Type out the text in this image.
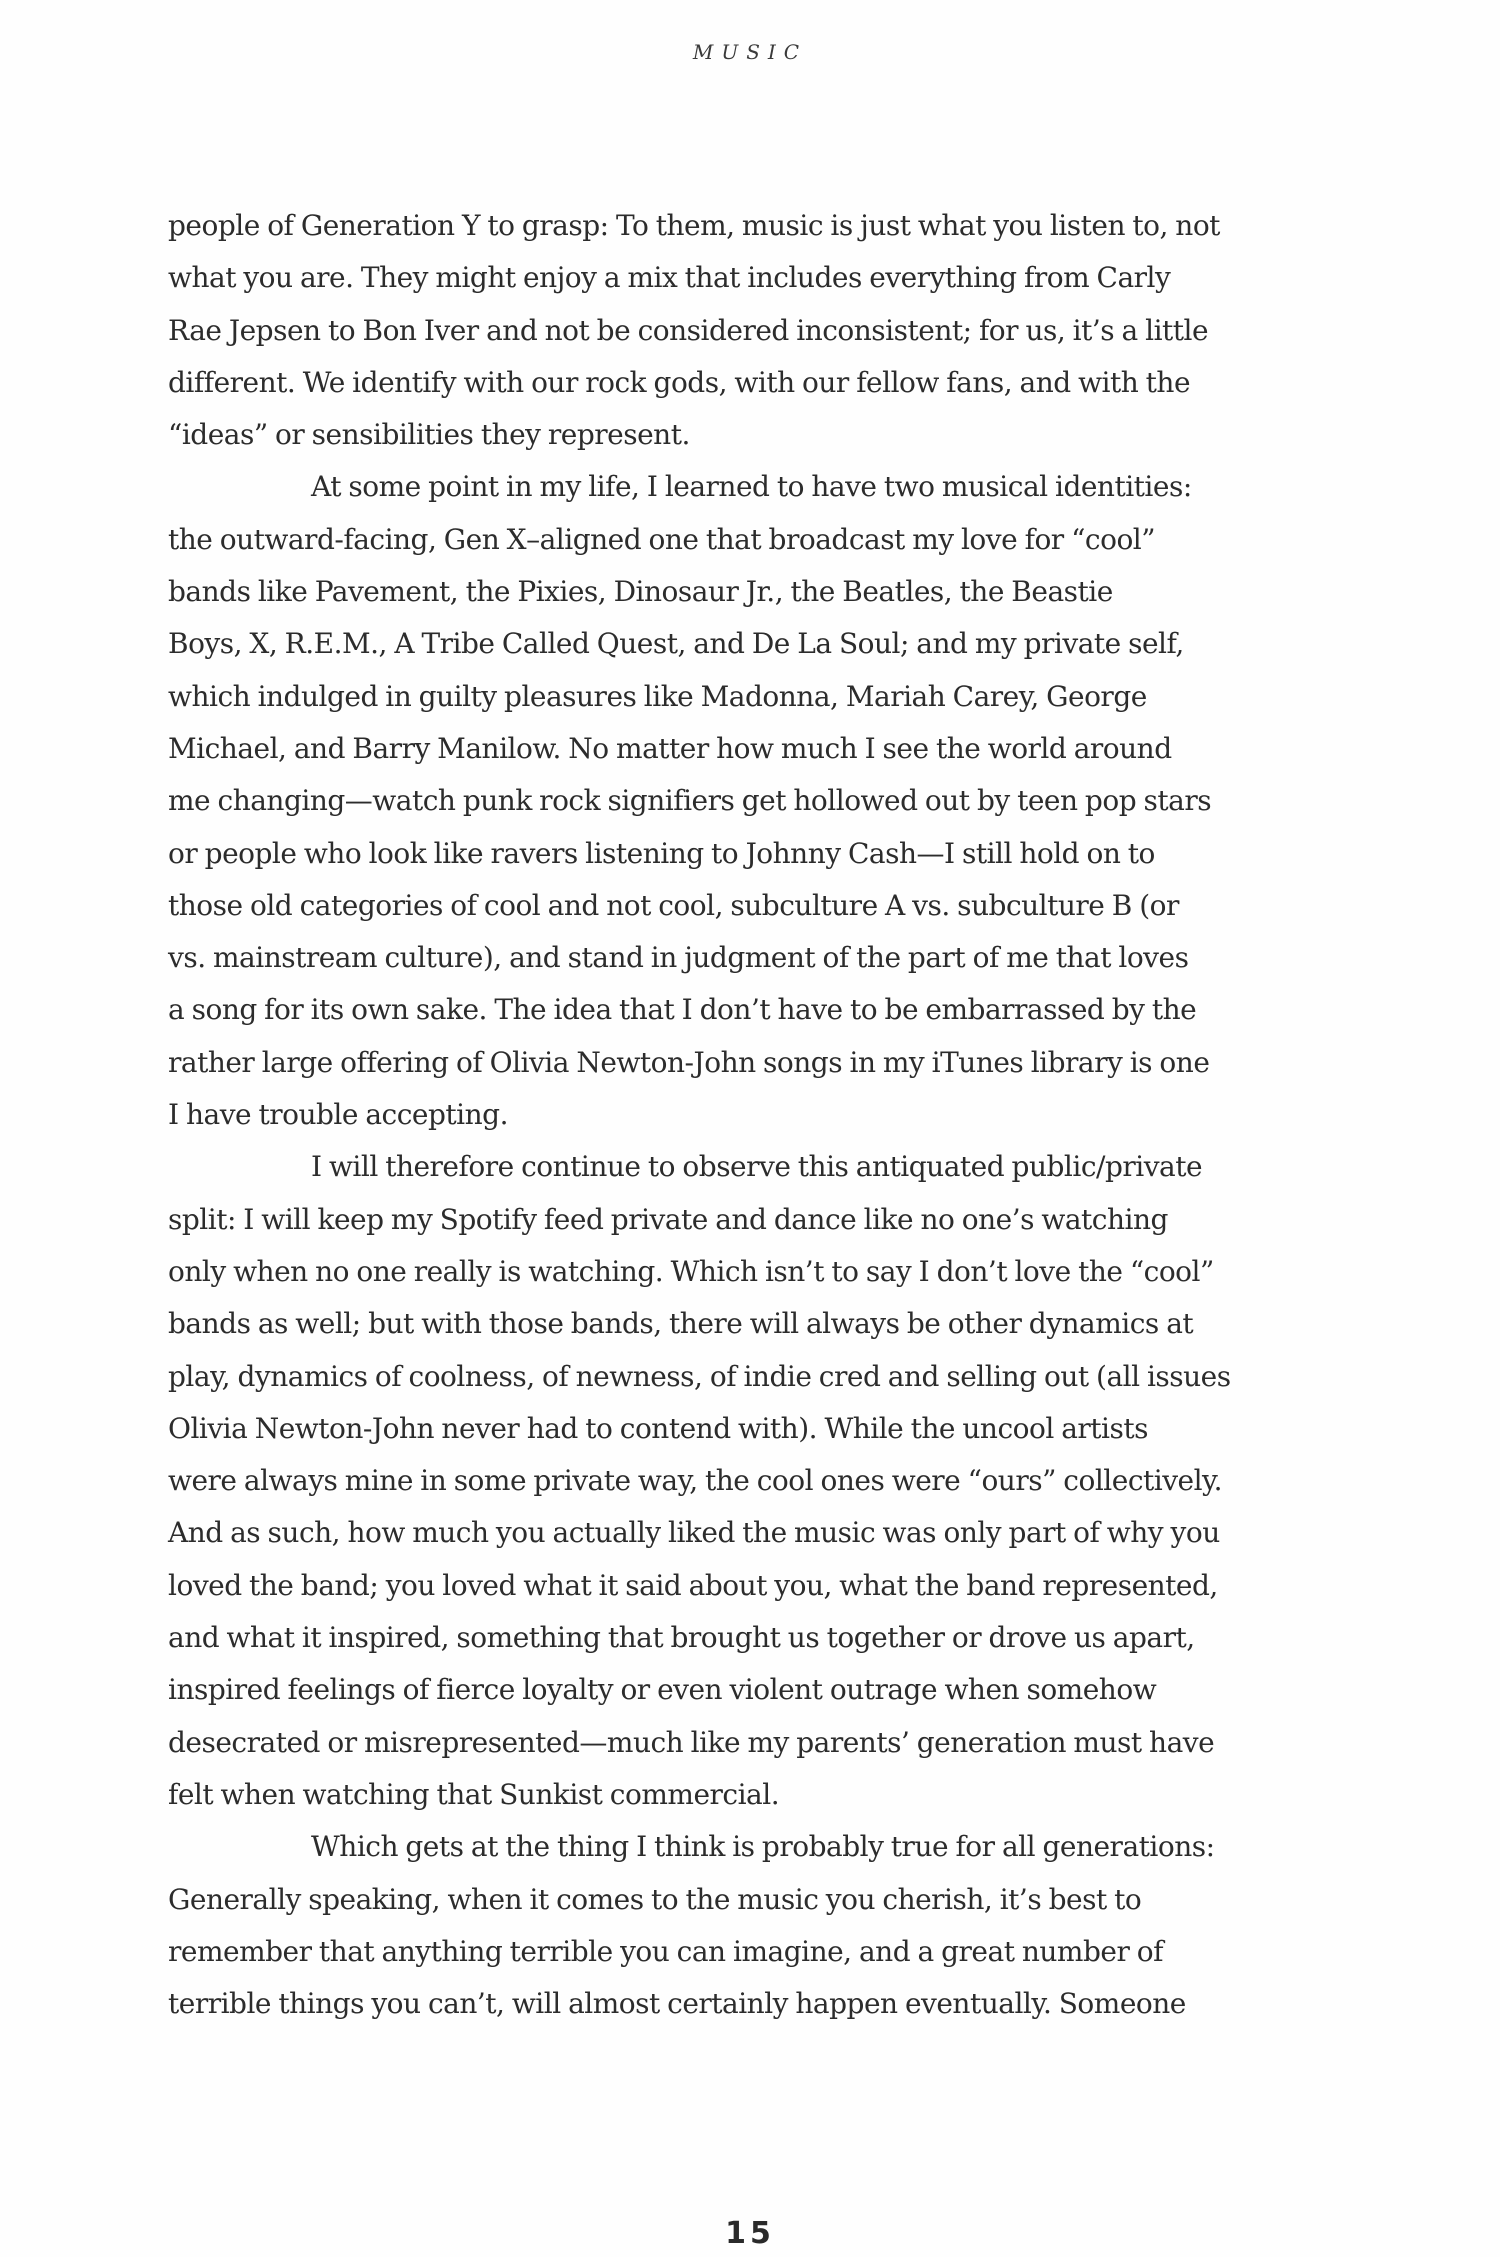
MUSIC

people of Generation Y to grasp: To them, music is just what you listen to, not
what you are. They might enjoy a mix that includes everything from Carly
Rae Jepsen to Bon Iver and not be considered inconsistent; for us, it’s a little
different. We identify with our rock gods, with our fellow fans, and with the
“ideas” or sensibilities they represent.

At some point in my life, I learned to have two musical identities:
the outward-facing, Gen X–aligned one that broadcast my love for “cool”
bands like Pavement, the Pixies, Dinosaur Jr., the Beatles, the Beastie
Boys, X, R.E.M., A Tribe Called Quest, and De La Soul; and my private self,
which indulged in guilty pleasures like Madonna, Mariah Carey, George
Michael, and Barry Manilow. No matter how much I see the world around
me changing—watch punk rock signifiers get hollowed out by teen pop stars
or people who look like ravers listening to Johnny Cash—I still hold on to
those old categories of cool and not cool, subculture A vs. subculture B (or
vs. mainstream culture), and stand in judgment of the part of me that loves
a song for its own sake. The idea that I don’t have to be embarrassed by the
rather large offering of Olivia Newton-John songs in my iTunes library is one
I have trouble accepting.

I will therefore continue to observe this antiquated public/private
split: I will keep my Spotify feed private and dance like no one’s watching
only when no one really is watching. Which isn’t to say I don’t love the “cool”
bands as well; but with those bands, there will always be other dynamics at
play, dynamics of coolness, of newness, of indie cred and selling out (all issues
Olivia Newton-John never had to contend with). While the uncool artists
were always mine in some private way, the cool ones were “ours” collectively.
And as such, how much you actually liked the music was only part of why you
loved the band; you loved what it said about you, what the band represented,
and what it inspired, something that brought us together or drove us apart,
inspired feelings of fierce loyalty or even violent outrage when somehow
desecrated or misrepresented—much like my parents’ generation must have
felt when watching that Sunkist commercial.

Which gets at the thing I think is probably true for all generations:
Generally speaking, when it comes to the music you cherish, it’s best to
remember that anything terrible you can imagine, and a great number of
terrible things you can’t, will almost certainly happen eventually. Someone

15
